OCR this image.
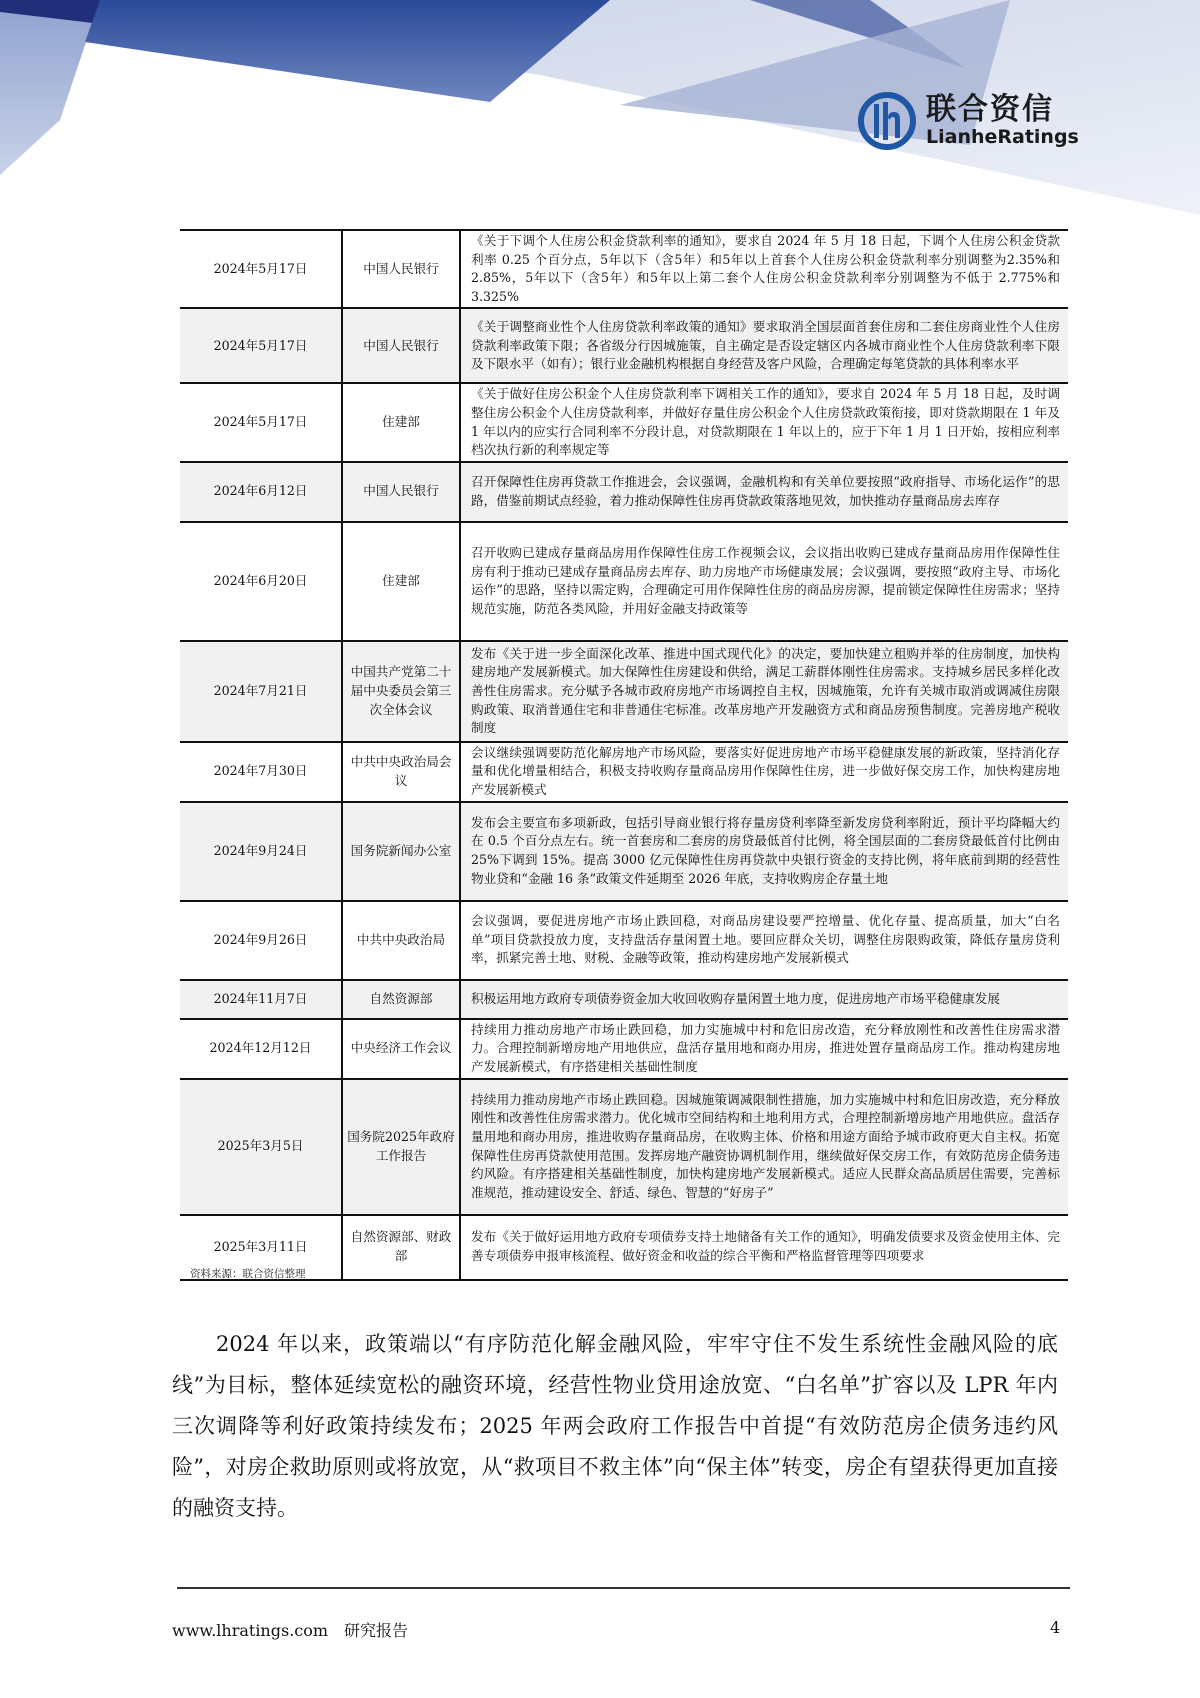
联合资信
LianheRatings
2024年5月17日	中国人民银行	《关于下调个人住房公积金贷款利率的通知》，要求自 2024 年 5 月 18 日起，下调个人住房公积金贷款利率 0.25 个百分点，5年以下（含5年）和5年以上首套个人住房公积金贷款利率分别调整为2.35%和2.85%，5年以下（含5年）和5年以上第二套个人住房公积金贷款利率分别调整为不低于 2.775%和 3.325%
2024年5月17日	中国人民银行	《关于调整商业性个人住房贷款利率政策的通知》要求取消全国层面首套住房和二套住房商业性个人住房贷款利率政策下限；各省级分行因城施策，自主确定是否设定辖区内各城市商业性个人住房贷款利率下限及下限水平（如有）；银行业金融机构根据自身经营及客户风险，合理确定每笔贷款的具体利率水平
2024年5月17日	住建部	《关于做好住房公积金个人住房贷款利率下调相关工作的通知》，要求自 2024 年 5 月 18 日起，及时调整住房公积金个人住房贷款利率，并做好存量住房公积金个人住房贷款政策衔接，即对贷款期限在 1 年及 1 年以内的应实行合同利率不分段计息，对贷款期限在 1 年以上的，应于下年 1 月 1 日开始，按相应利率档次执行新的利率规定等
2024年6月12日	中国人民银行	召开保障性住房再贷款工作推进会，会议强调，金融机构和有关单位要按照“政府指导、市场化运作”的思路，借鉴前期试点经验，着力推动保障性住房再贷款政策落地见效，加快推动存量商品房去库存
2024年6月20日	住建部	召开收购已建成存量商品房用作保障性住房工作视频会议，会议指出收购已建成存量商品房用作保障性住房有利于推动已建成存量商品房去库存、助力房地产市场健康发展；会议强调，要按照“政府主导、市场化运作”的思路，坚持以需定购，合理确定可用作保障性住房的商品房房源，提前锁定保障性住房需求；坚持规范实施，防范各类风险，并用好金融支持政策等
2024年7月21日	中国共产党第二十届中央委员会第三次全体会议	发布《关于进一步全面深化改革、推进中国式现代化》的决定，要加快建立租购并举的住房制度，加快构建房地产发展新模式。加大保障性住房建设和供给，满足工薪群体刚性住房需求。支持城乡居民多样化改善性住房需求。充分赋予各城市政府房地产市场调控自主权，因城施策，允许有关城市取消或调减住房限购政策、取消普通住宅和非普通住宅标准。改革房地产开发融资方式和商品房预售制度。完善房地产税收制度
2024年7月30日	中共中央政治局会议	会议继续强调要防范化解房地产市场风险，要落实好促进房地产市场平稳健康发展的新政策，坚持消化存量和优化增量相结合，积极支持收购存量商品房用作保障性住房，进一步做好保交房工作，加快构建房地产发展新模式
2024年9月24日	国务院新闻办公室	发布会主要宣布多项新政，包括引导商业银行将存量房贷利率降至新发房贷利率附近，预计平均降幅大约在 0.5 个百分点左右。统一首套房和二套房的房贷最低首付比例，将全国层面的二套房贷最低首付比例由 25%下调到 15%。提高 3000 亿元保障性住房再贷款中央银行资金的支持比例，将年底前到期的经营性物业贷和“金融 16 条”政策文件延期至 2026 年底，支持收购房企存量土地
2024年9月26日	中共中央政治局	会议强调，要促进房地产市场止跌回稳，对商品房建设要严控增量、优化存量、提高质量，加大“白名单”项目贷款投放力度，支持盘活存量闲置土地。要回应群众关切，调整住房限购政策，降低存量房贷利率，抓紧完善土地、财税、金融等政策，推动构建房地产发展新模式
2024年11月7日	自然资源部	积极运用地方政府专项债券资金加大收回收购存量闲置土地力度，促进房地产市场平稳健康发展
2024年12月12日	中央经济工作会议	持续用力推动房地产市场止跌回稳，加力实施城中村和危旧房改造，充分释放刚性和改善性住房需求潜力。合理控制新增房地产用地供应，盘活存量用地和商办用房，推进处置存量商品房工作。推动构建房地产发展新模式，有序搭建相关基础性制度
2025年3月5日	国务院2025年政府工作报告	持续用力推动房地产市场止跌回稳。因城施策调减限制性措施，加力实施城中村和危旧房改造，充分释放刚性和改善性住房需求潜力。优化城市空间结构和土地利用方式，合理控制新增房地产用地供应。盘活存量用地和商办用房，推进收购存量商品房，在收购主体、价格和用途方面给予城市政府更大自主权。拓宽保障性住房再贷款使用范围。发挥房地产融资协调机制作用，继续做好保交房工作，有效防范房企债务违约风险。有序搭建相关基础性制度，加快构建房地产发展新模式。适应人民群众高品质居住需要，完善标准规范，推动建设安全、舒适、绿色、智慧的“好房子”
2025年3月11日	自然资源部、财政部	发布《关于做好运用地方政府专项债券支持土地储备有关工作的通知》，明确发债要求及资金使用主体、完善专项债券申报审核流程、做好资金和收益的综合平衡和严格监督管理等四项要求
资料来源：联合资信整理

2024 年以来，政策端以“有序防范化解金融风险，牢牢守住不发生系统性金融风险的底线”为目标，整体延续宽松的融资环境，经营性物业贷用途放宽、“白名单”扩容以及 LPR 年内三次调降等利好政策持续发布；2025 年两会政府工作报告中首提“有效防范房企债务违约风险”，对房企救助原则或将放宽，从“救项目不救主体”向“保主体”转变，房企有望获得更加直接的融资支持。

www.lhratings.com　研究报告	4
